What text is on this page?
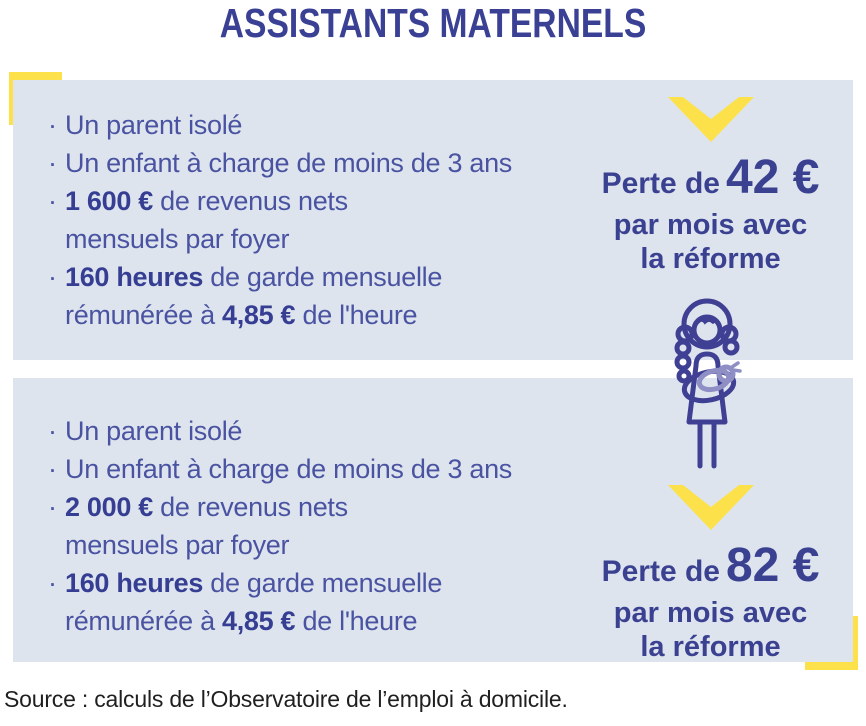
ASSISTANTS MATERNELS
· Un parent isolé
· Un enfant à charge de moins de 3 ans
· 1 600 € de revenus nets
mensuels par foyer
· 160 heures de garde mensuelle
rémunérée à 4,85 € de l'heure
Perte de 42 €
par mois avec
la réforme
· Un parent isolé
· Un enfant à charge de moins de 3 ans
· 2 000 € de revenus nets
mensuels par foyer
· 160 heures de garde mensuelle
rémunérée à 4,85 € de l'heure
Perte de 82 €
par mois avec
la réforme

Source : calculs de l’Observatoire de l’emploi à domicile.
